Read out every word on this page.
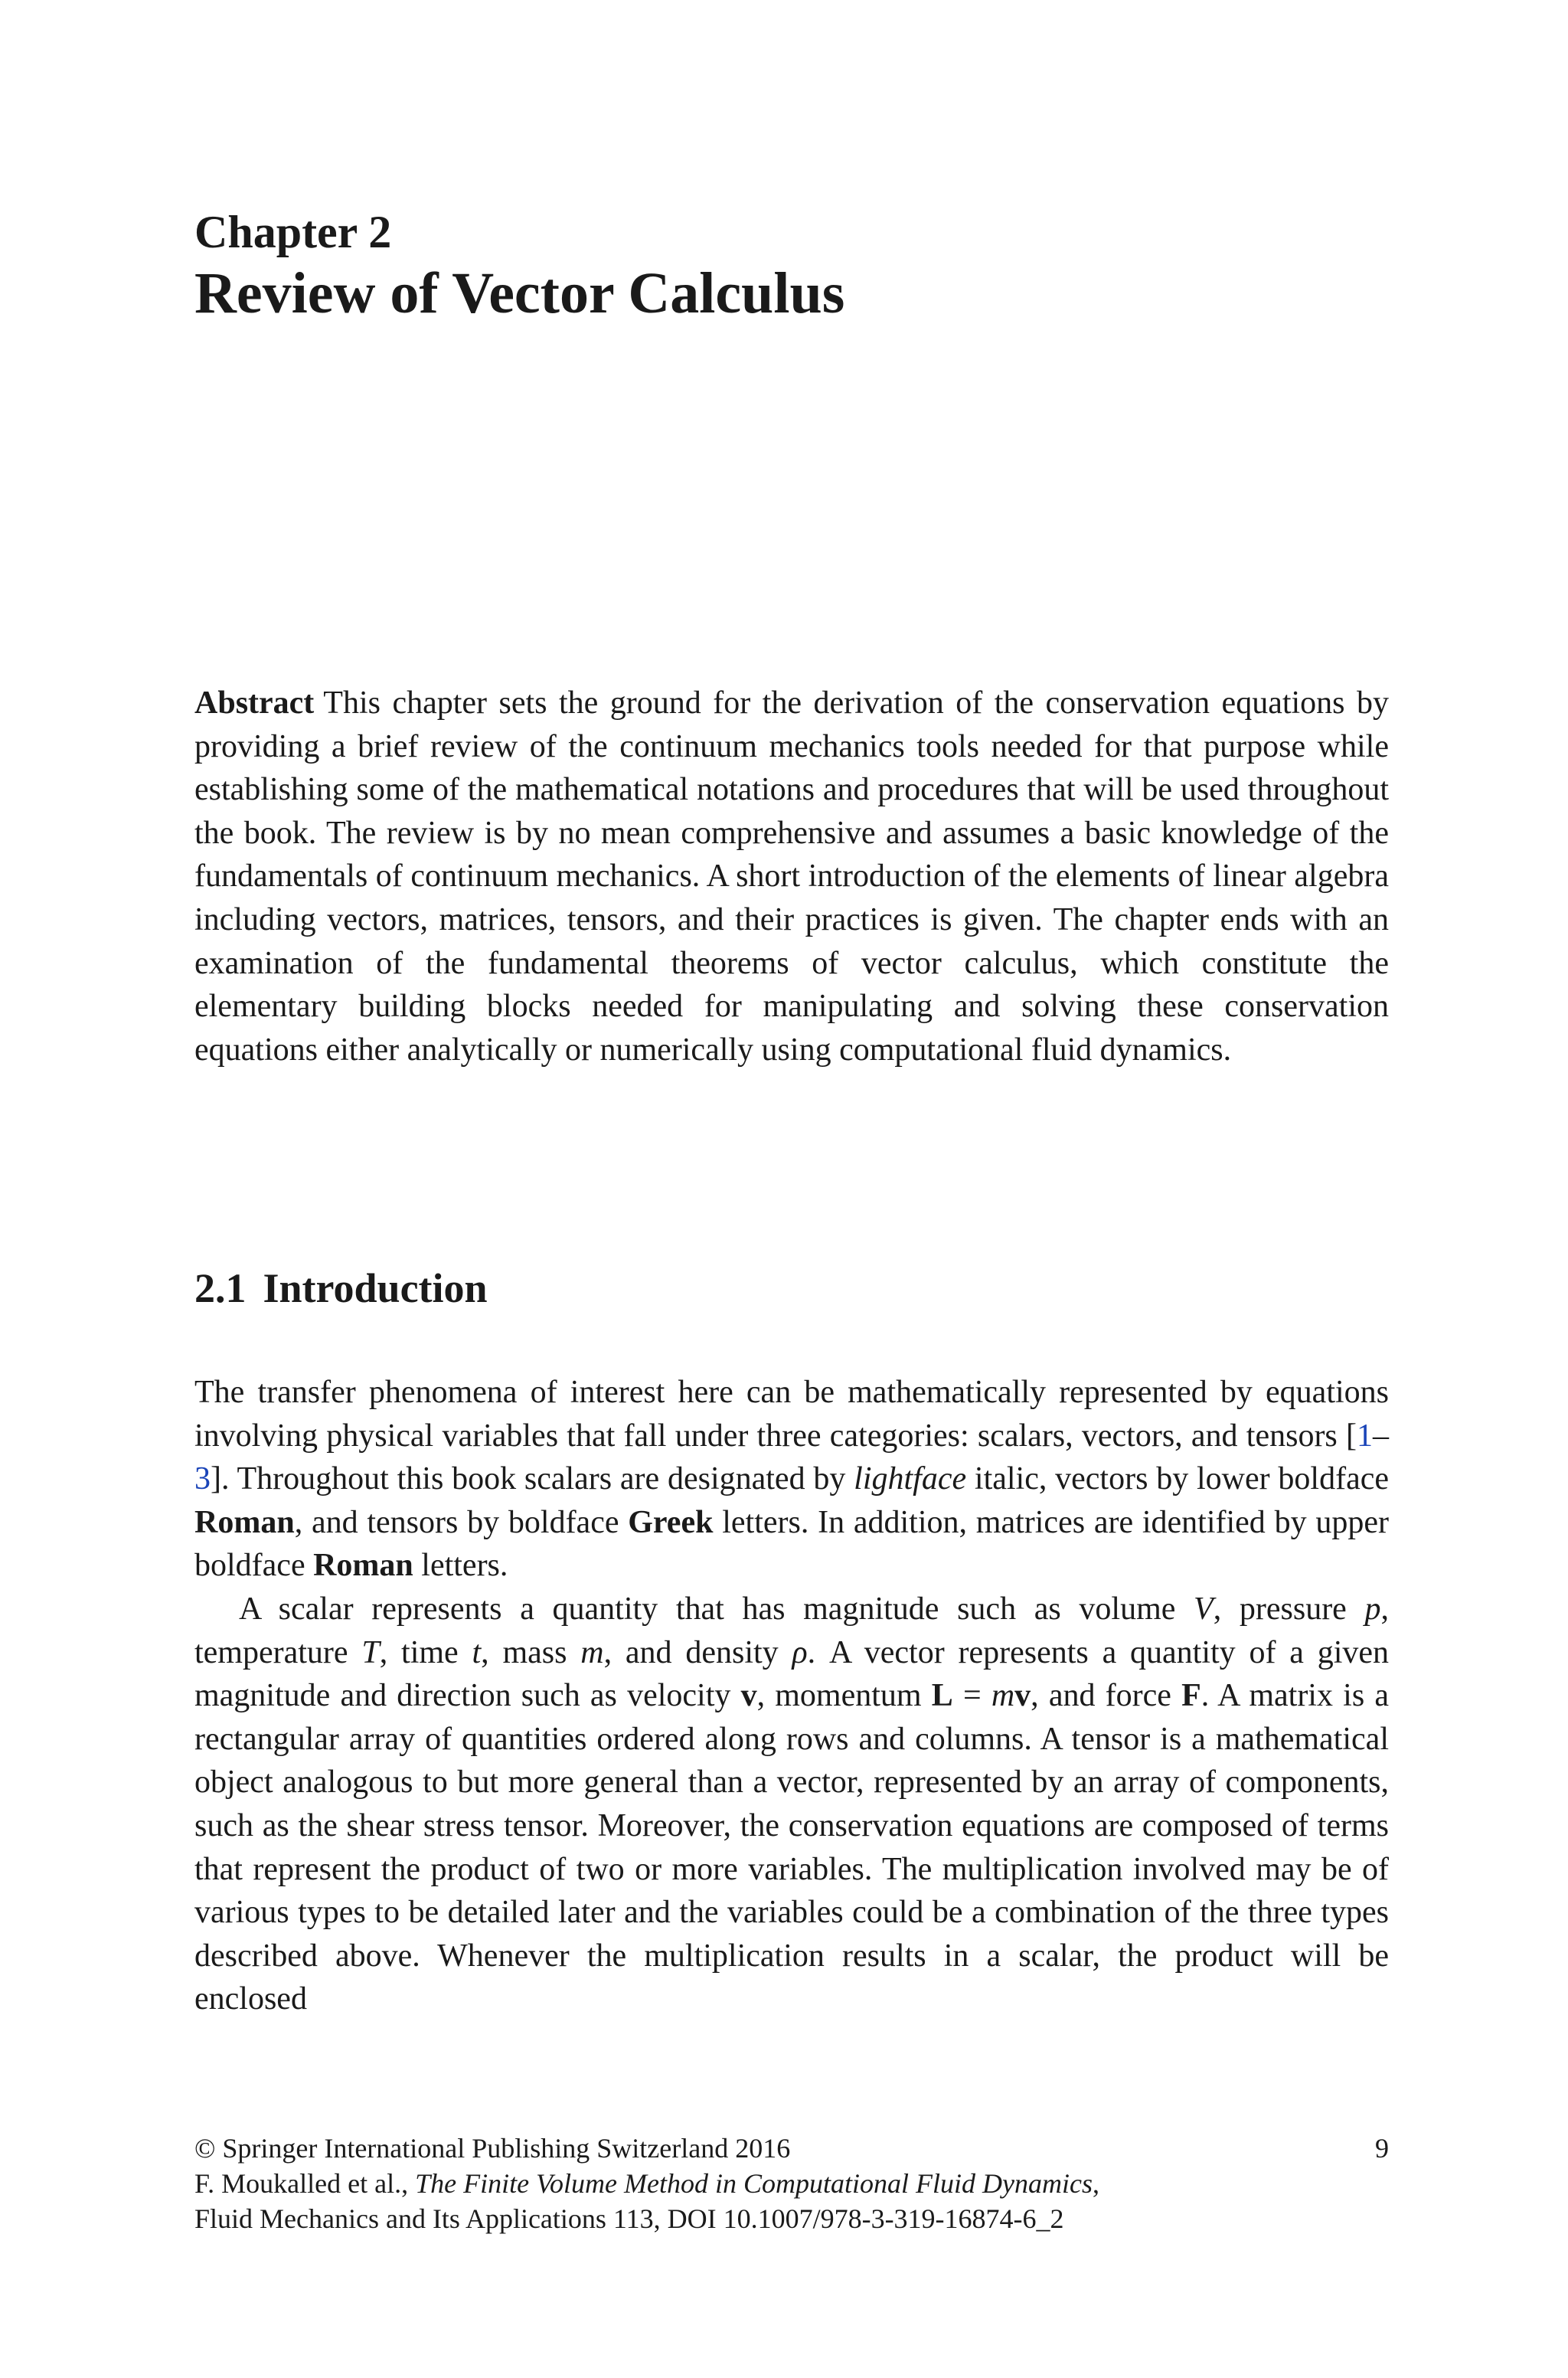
Chapter 2
Review of Vector Calculus

Abstract This chapter sets the ground for the derivation of the conservation equations by providing a brief review of the continuum mechanics tools needed for that purpose while establishing some of the mathematical notations and procedures that will be used throughout the book. The review is by no mean comprehensive and assumes a basic knowledge of the fundamentals of continuum mechanics. A short introduction of the elements of linear algebra including vectors, matrices, tensors, and their practices is given. The chapter ends with an examination of the fundamental theorems of vector calculus, which constitute the elementary building blocks needed for manipulating and solving these conservation equations either analytically or numerically using computational fluid dynamics.

2.1 Introduction

The transfer phenomena of interest here can be mathematically represented by equations involving physical variables that fall under three categories: scalars, vectors, and tensors [1–3]. Throughout this book scalars are designated by lightface italic, vectors by lower boldface Roman, and tensors by boldface Greek letters. In addition, matrices are identified by upper boldface Roman letters.

A scalar represents a quantity that has magnitude such as volume V, pressure p, temperature T, time t, mass m, and density ρ. A vector represents a quantity of a given magnitude and direction such as velocity v, momentum L = mv, and force F. A matrix is a rectangular array of quantities ordered along rows and columns. A tensor is a mathematical object analogous to but more general than a vector, represented by an array of components, such as the shear stress tensor. Moreover, the conservation equations are composed of terms that represent the product of two or more variables. The multiplication involved may be of various types to be detailed later and the variables could be a combination of the three types described above. Whenever the multiplication results in a scalar, the product will be enclosed

© Springer International Publishing Switzerland 2016	9
F. Moukalled et al., The Finite Volume Method in Computational Fluid Dynamics,
Fluid Mechanics and Its Applications 113, DOI 10.1007/978-3-319-16874-6_2
